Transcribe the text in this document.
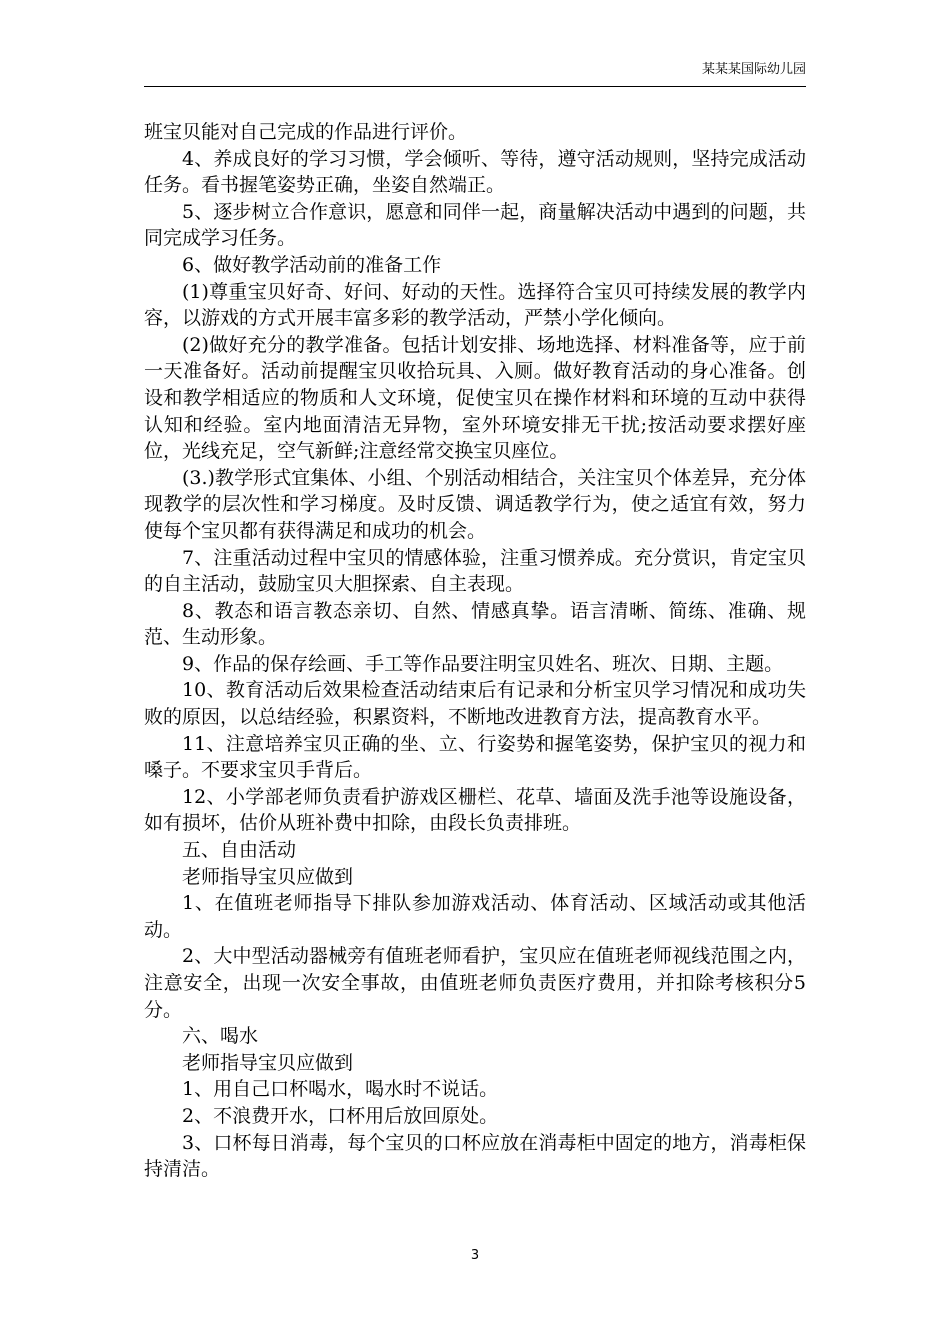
某某某国际幼儿园

班宝贝能对自己完成的作品进行评价。

4、养成良好的学习习惯，学会倾听、等待，遵守活动规则，坚持完成活动任务。看书握笔姿势正确，坐姿自然端正。

5、逐步树立合作意识，愿意和同伴一起，商量解决活动中遇到的问题，共同完成学习任务。

6、做好教学活动前的准备工作

(1)尊重宝贝好奇、好问、好动的天性。选择符合宝贝可持续发展的教学内容，以游戏的方式开展丰富多彩的教学活动，严禁小学化倾向。

(2)做好充分的教学准备。包括计划安排、场地选择、材料准备等，应于前一天准备好。活动前提醒宝贝收拾玩具、入厕。做好教育活动的身心准备。创设和教学相适应的物质和人文环境，促使宝贝在操作材料和环境的互动中获得认知和经验。室内地面清洁无异物，室外环境安排无干扰;按活动要求摆好座位，光线充足，空气新鲜;注意经常交换宝贝座位。

(3.)教学形式宜集体、小组、个别活动相结合，关注宝贝个体差异，充分体现教学的层次性和学习梯度。及时反馈、调适教学行为，使之适宜有效，努力使每个宝贝都有获得满足和成功的机会。

7、注重活动过程中宝贝的情感体验，注重习惯养成。充分赏识，肯定宝贝的自主活动，鼓励宝贝大胆探索、自主表现。

8、教态和语言教态亲切、自然、情感真挚。语言清晰、简练、准确、规范、生动形象。

9、作品的保存绘画、手工等作品要注明宝贝姓名、班次、日期、主题。

10、教育活动后效果检查活动结束后有记录和分析宝贝学习情况和成功失败的原因，以总结经验，积累资料，不断地改进教育方法，提高教育水平。

11、注意培养宝贝正确的坐、立、行姿势和握笔姿势，保护宝贝的视力和嗓子。不要求宝贝手背后。

12、小学部老师负责看护游戏区栅栏、花草、墙面及洗手池等设施设备，如有损坏，估价从班补费中扣除，由段长负责排班。

五、自由活动

老师指导宝贝应做到

1、在值班老师指导下排队参加游戏活动、体育活动、区域活动或其他活动。

2、大中型活动器械旁有值班老师看护，宝贝应在值班老师视线范围之内，注意安全，出现一次安全事故，由值班老师负责医疗费用，并扣除考核积分5分。

六、喝水

老师指导宝贝应做到

1、用自己口杯喝水，喝水时不说话。

2、不浪费开水，口杯用后放回原处。

3、口杯每日消毒，每个宝贝的口杯应放在消毒柜中固定的地方，消毒柜保持清洁。

3
